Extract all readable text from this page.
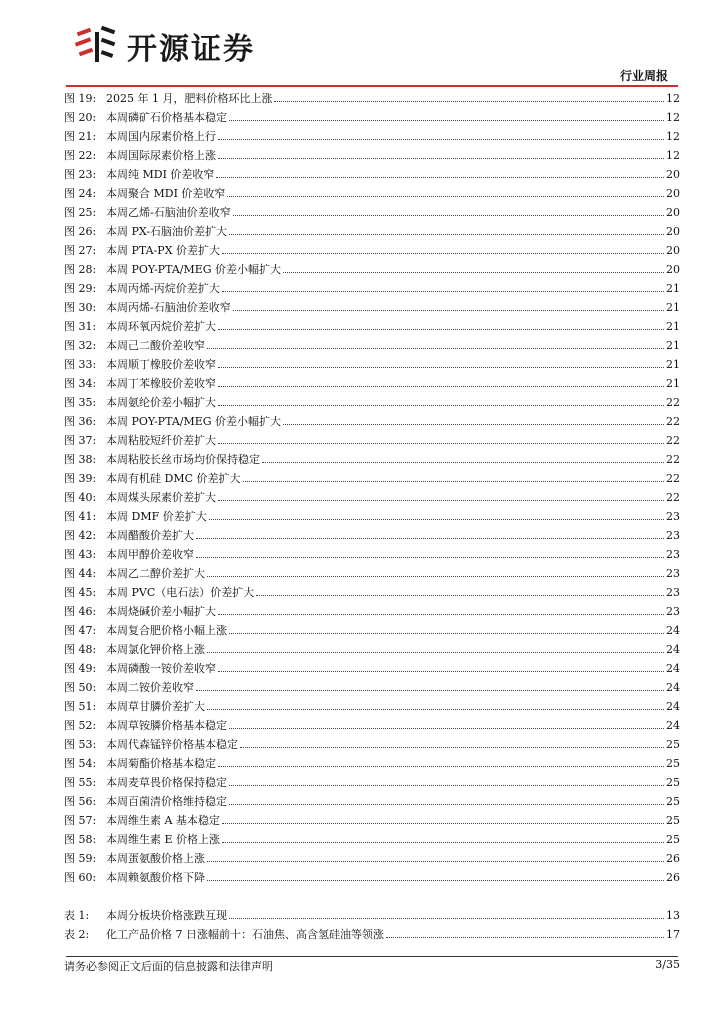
开源证券
行业周报
图 19: 2025 年 1 月，肥料价格环比上涨	12
图 20: 本周磷矿石价格基本稳定	12
图 21: 本周国内尿素价格上行	12
图 22: 本周国际尿素价格上涨	12
图 23: 本周纯 MDI 价差收窄	20
图 24: 本周聚合 MDI 价差收窄	20
图 25: 本周乙烯-石脑油价差收窄	20
图 26: 本周 PX-石脑油价差扩大	20
图 27: 本周 PTA-PX 价差扩大	20
图 28: 本周 POY-PTA/MEG 价差小幅扩大	20
图 29: 本周丙烯-丙烷价差扩大	21
图 30: 本周丙烯-石脑油价差收窄	21
图 31: 本周环氧丙烷价差扩大	21
图 32: 本周己二酸价差收窄	21
图 33: 本周顺丁橡胶价差收窄	21
图 34: 本周丁苯橡胶价差收窄	21
图 35: 本周氨纶价差小幅扩大	22
图 36: 本周 POY-PTA/MEG 价差小幅扩大	22
图 37: 本周粘胶短纤价差扩大	22
图 38: 本周粘胶长丝市场均价保持稳定	22
图 39: 本周有机硅 DMC 价差扩大	22
图 40: 本周煤头尿素价差扩大	22
图 41: 本周 DMF 价差扩大	23
图 42: 本周醋酸价差扩大	23
图 43: 本周甲醇价差收窄	23
图 44: 本周乙二醇价差扩大	23
图 45: 本周 PVC（电石法）价差扩大	23
图 46: 本周烧碱价差小幅扩大	23
图 47: 本周复合肥价格小幅上涨	24
图 48: 本周氯化钾价格上涨	24
图 49: 本周磷酸一铵价差收窄	24
图 50: 本周二铵价差收窄	24
图 51: 本周草甘膦价差扩大	24
图 52: 本周草铵膦价格基本稳定	24
图 53: 本周代森锰锌价格基本稳定	25
图 54: 本周菊酯价格基本稳定	25
图 55: 本周麦草畏价格保持稳定	25
图 56: 本周百菌清价格维持稳定	25
图 57: 本周维生素 A 基本稳定	25
图 58: 本周维生素 E 价格上涨	25
图 59: 本周蛋氨酸价格上涨	26
图 60: 本周赖氨酸价格下降	26
表 1:	本周分板块价格涨跌互现	13
表 2:	化工产品价格 7 日涨幅前十：石油焦、高含氢硅油等领涨	17
请务必参阅正文后面的信息披露和法律声明	3/35
